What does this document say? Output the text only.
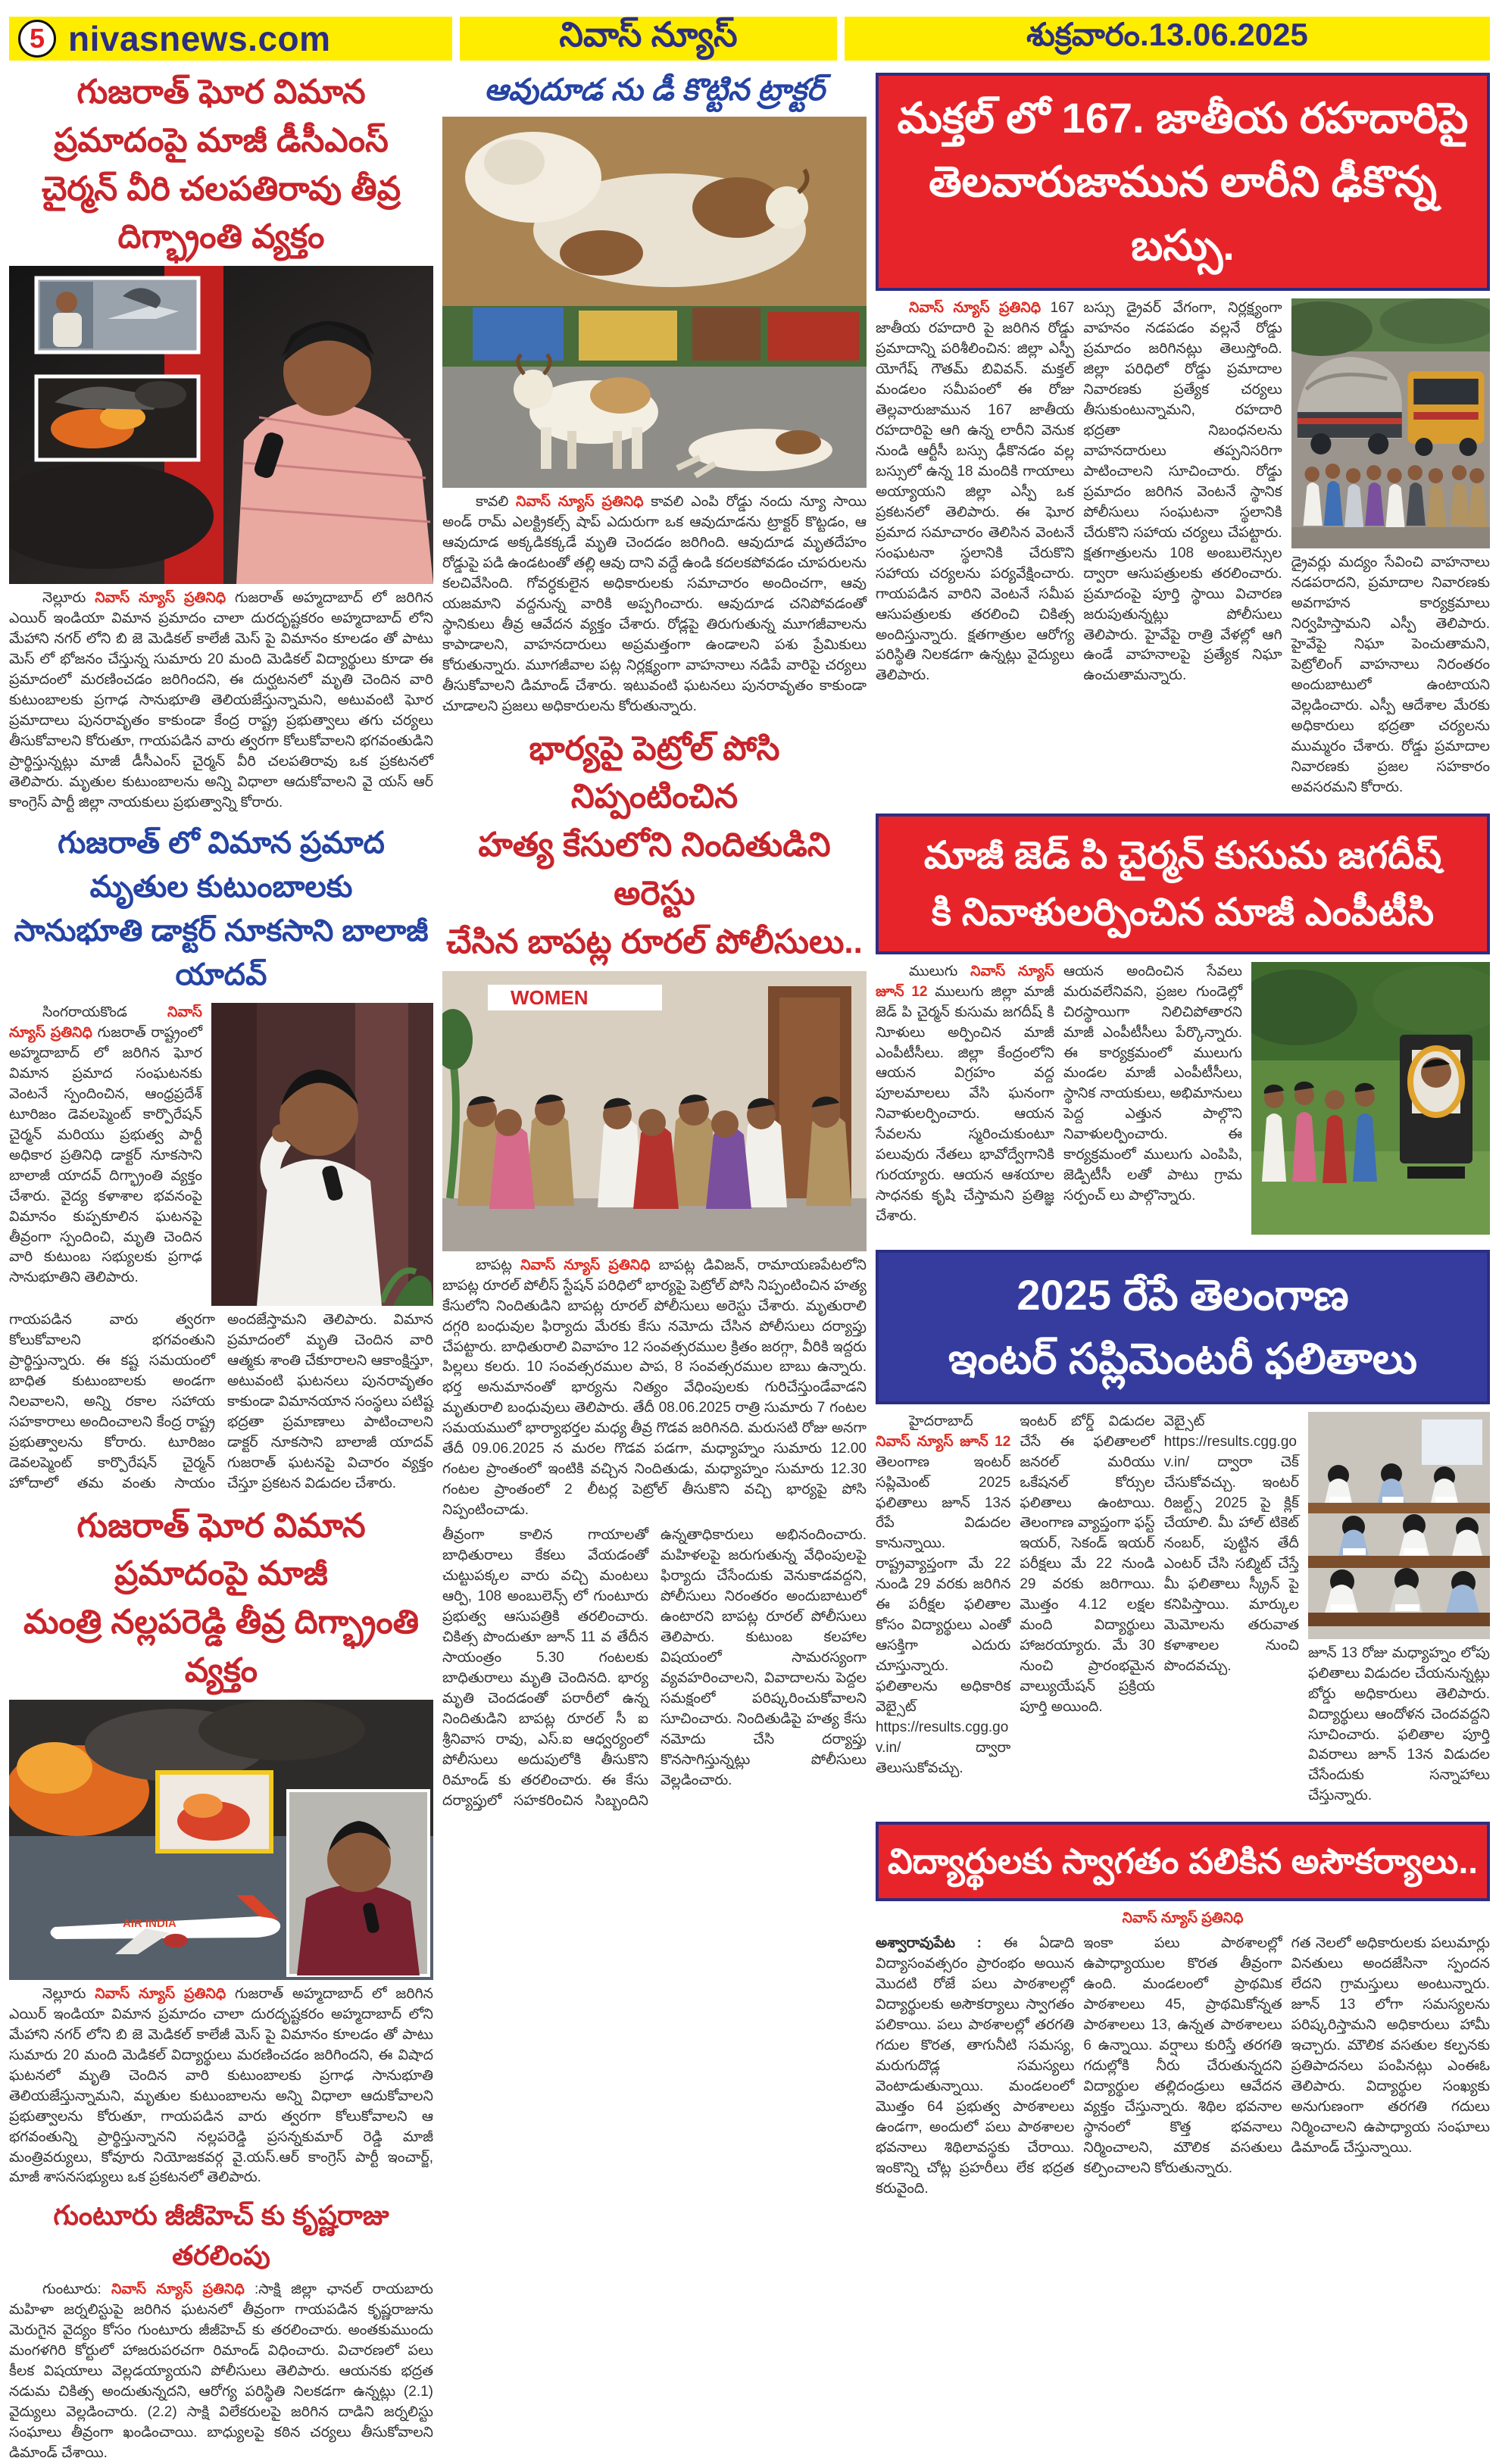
5 nivasnews.com	నివాస్ న్యూస్	శుక్రవారం.13.06.2025
గుజరాత్ ఘోర విమాన ప్రమాదంపై మాజీ డీసీఎంస్
చైర్మన్ వీరి చలపతిరావు తీవ్ర దిగ్భ్రాంతి వ్యక్తం

నెల్లూరు నివాస్ న్యూస్ ప్రతినిధి గుజరాత్ అహ్మదాబాద్ లో జరిగిన ఎయిర్ ఇండియా విమాన ప్రమాదం చాలా దురదృష్టకరం అహ్మదాబాద్ లోని మేహాని నగర్ లోని బి జె మెడికల్ కాలేజీ మెస్ పై విమానం కూలడం తో పాటు మెస్ లో భోజనం చేస్తున్న సుమారు 20 మంది మెడికల్ విద్యార్థులు కూడా ఈ ప్రమాదంలో మరణించడం జరిగిందని, ఈ దుర్ఘటనలో మృతి చెందిన వారి కుటుంబాలకు ప్రగాఢ సానుభూతి తెలియజేస్తున్నామని, అటువంటి ఘోర ప్రమాదాలు పునరావృతం కాకుండా కేంద్ర రాష్ట్ర ప్రభుత్వాలు తగు చర్యలు తీసుకోవాలని కోరుతూ, గాయపడిన వారు త్వరగా కోలుకోవాలని భగవంతుడిని ప్రార్థిస్తున్నట్లు మాజీ డీసీఎంస్ చైర్మన్ వీరి చలపతిరావు ఒక ప్రకటనలో తెలిపారు. మృతుల కుటుంబాలను అన్ని విధాలా ఆదుకోవాలని వై యస్ ఆర్ కాంగ్రెస్ పార్టీ జిల్లా నాయకులు ప్రభుత్వాన్ని కోరారు.

గుజరాత్ లో విమాన ప్రమాద మృతుల కుటుంబాలకు
సానుభూతి డాక్టర్ నూకసాని బాలాజీ యాదవ్

సింగరాయకొండ	నివాస్ న్యూస్ ప్రతినిధి గుజరాత్ రాష్ట్రంలో అహ్మదాబాద్ లో జరిగిన ఘోర విమాన ప్రమాద సంఘటనకు వెంటనే స్పందించిన, ఆంధ్రప్రదేశ్ టూరిజం డెవలప్మెంట్ కార్పొరేషన్ చైర్మన్ మరియు ప్రభుత్వ పార్టీ అధికార ప్రతినిధి డాక్టర్ నూకసాని బాలాజీ యాదవ్ దిగ్భ్రాంతి వ్యక్తం చేశారు. వైద్య కళాశాల భవనంపై విమానం కుప్పకూలిన ఘటనపై తీవ్రంగా స్పందించి, మృతి చెందిన వారి కుటుంబ సభ్యులకు ప్రగాఢ సానుభూతిని తెలిపారు.

గాయపడిన వారు త్వరగా కోలుకోవాలని భగవంతుని ప్రార్థిస్తున్నారు. ఈ కష్ట సమయంలో బాధిత కుటుంబాలకు అండగా నిలవాలని, అన్ని రకాల సహాయ సహకారాలు అందించాలని కేంద్ర రాష్ట్ర ప్రభుత్వాలను కోరారు. టూరిజం డెవలప్మెంట్ కార్పొరేషన్ చైర్మన్ హోదాలో తమ వంతు సాయం అందజేస్తామని తెలిపారు. విమాన ప్రమాదంలో మృతి చెందిన వారి ఆత్మకు శాంతి చేకూరాలని ఆకాంక్షిస్తూ, అటువంటి ఘటనలు పునరావృతం కాకుండా విమానయాన సంస్థలు పటిష్ట భద్రతా ప్రమాణాలు పాటించాలని డాక్టర్ నూకసాని బాలాజీ యాదవ్ గుజరాత్ ఘటనపై విచారం వ్యక్తం చేస్తూ ప్రకటన విడుదల చేశారు.

గుజరాత్ ఘోర విమాన ప్రమాదంపై మాజీ
మంత్రి నల్లపరెడ్డి తీవ్ర దిగ్భ్రాంతి వ్యక్తం
AIR INDIA

నెల్లూరు నివాస్ న్యూస్ ప్రతినిధి గుజరాత్ అహ్మదాబాద్ లో జరిగిన ఎయిర్ ఇండియా విమాన ప్రమాదం చాలా దురదృష్టకరం అహ్మదాబాద్ లోని మేహాని నగర్ లోని బి జె మెడికల్ కాలేజీ మెస్ పై విమానం కూలడం తో పాటు సుమారు 20 మంది మెడికల్ విద్యార్థులు మరణించడం జరిగిందని, ఈ విషాద ఘటనలో మృతి చెందిన వారి కుటుంబాలకు ప్రగాఢ సానుభూతి తెలియజేస్తున్నామని, మృతుల కుటుంబాలను అన్ని విధాలా ఆదుకోవాలని ప్రభుత్వాలను కోరుతూ, గాయపడిన వారు త్వరగా కోలుకోవాలని ఆ భగవంతున్ని ప్రార్థిస్తున్నానని నల్లపరెడ్డి ప్రసన్నకుమార్ రెడ్డి మాజీ మంత్రివర్యులు, కోవూరు నియోజకవర్గ వై.యస్.ఆర్ కాంగ్రెస్ పార్టీ ఇంచార్జ్, మాజీ శాసనసభ్యులు ఒక ప్రకటనలో తెలిపారు.

గుంటూరు జీజీహెచ్ కు కృష్ణరాజు తరలింపు

గుంటూరు: నివాస్ న్యూస్ ప్రతినిధి :సాక్షి జిల్లా ఛానల్ రాయబారు మహిళా జర్నలిస్టుపై జరిగిన ఘటనలో తీవ్రంగా గాయపడిన కృష్ణరాజును మెరుగైన వైద్యం కోసం గుంటూరు జీజీహెచ్ కు తరలించారు. అంతకుముందు మంగళగిరి కోర్టులో హాజరుపరచగా రిమాండ్ విధించారు. విచారణలో పలు కీలక విషయాలు వెల్లడయ్యాయని పోలీసులు తెలిపారు. ఆయనకు భద్రత నడుమ చికిత్స అందుతున్నదని, ఆరోగ్య పరిస్థితి నిలకడగా ఉన్నట్లు (2.1) వైద్యులు వెల్లడించారు. (2.2) సాక్షి విలేకరులపై జరిగిన దాడిని జర్నలిస్టు సంఘాలు తీవ్రంగా ఖండించాయి. బాధ్యులపై కఠిన చర్యలు తీసుకోవాలని డిమాండ్ చేశాయి.

ఆవుదూడ ను డీ కొట్టిన ట్రాక్టర్

కావలి నివాస్ న్యూస్ ప్రతినిధి కావలి ఎంపి రోడ్డు నందు న్యూ సాయి అండ్ రామ్ ఎలక్ట్రికల్స్ షాప్ ఎదురుగా ఒక ఆవుదూడను ట్రాక్టర్ కొట్టడం, ఆ ఆవుదూడ అక్కడికక్కడే మృతి చెందడం జరిగింది. ఆవుదూడ మృతదేహం రోడ్డుపై పడి ఉండటంతో తల్లి ఆవు దాని వద్దే ఉండి కదలకపోవడం చూపరులను కలచివేసింది. గోవర్ధకులైన అధికారులకు సమాచారం అందించగా, ఆవు యజమాని వద్దనున్న వారికి అప్పగించారు. ఆవుదూడ చనిపోవడంతో స్థానికులు తీవ్ర ఆవేదన వ్యక్తం చేశారు. రోడ్లపై తిరుగుతున్న మూగజీవాలను కాపాడాలని, వాహనదారులు అప్రమత్తంగా ఉండాలని పశు ప్రేమికులు కోరుతున్నారు. మూగజీవాల పట్ల నిర్లక్ష్యంగా వాహనాలు నడిపే వారిపై చర్యలు తీసుకోవాలని డిమాండ్ చేశారు. ఇటువంటి ఘటనలు పునరావృతం కాకుండా చూడాలని ప్రజలు అధికారులను కోరుతున్నారు.

భార్యపై పెట్రోల్ పోసి నిప్పంటించిన
హత్య కేసులోని నిందితుడిని అరెస్టు
చేసిన బాపట్ల రూరల్ పోలీసులు..
WOMEN

బాపట్ల నివాస్ న్యూస్ ప్రతినిధి బాపట్ల డివిజన్, రామాయణపేటలోని బాపట్ల రూరల్ పోలీస్ స్టేషన్ పరిధిలో భార్యపై పెట్రోల్ పోసి నిప్పంటించిన హత్య కేసులోని నిందితుడిని బాపట్ల రూరల్ పోలీసులు అరెస్టు చేశారు. మృతురాలి దగ్గరి బంధువుల ఫిర్యాదు మేరకు కేసు నమోదు చేసిన పోలీసులు దర్యాప్తు చేపట్టారు. బాధితురాలి వివాహం 12 సంవత్సరముల క్రితం జరగ్గా, వీరికి ఇద్దరు పిల్లలు కలరు. 10 సంవత్సరముల పాప, 8 సంవత్సరముల బాబు ఉన్నారు. భర్త అనుమానంతో భార్యను నిత్యం వేధింపులకు గురిచేస్తుండేవాడని మృతురాలి బంధువులు తెలిపారు. తేదీ 08.06.2025 రాత్రి సుమారు 7 గంటల సమయములో భార్యాభర్తల మధ్య తీవ్ర గొడవ జరిగినది. మరుసటి రోజు అనగా తేదీ 09.06.2025 న మరల గొడవ పడగా, మధ్యాహ్నం సుమారు 12.00 గంటల ప్రాంతంలో ఇంటికి వచ్చిన నిందితుడు, మధ్యాహ్నం సుమారు 12.30 గంటల ప్రాంతంలో 2 లీటర్ల పెట్రోల్ తీసుకొని వచ్చి భార్యపై పోసి నిప్పంటించాడు.

తీవ్రంగా కాలిన గాయాలతో బాధితురాలు కేకలు వేయడంతో చుట్టుపక్కల వారు వచ్చి మంటలు ఆర్పి, 108 అంబులెన్స్ లో గుంటూరు ప్రభుత్వ ఆసుపత్రికి తరలించారు. చికిత్స పొందుతూ జూన్ 11 వ తేదీన సాయంత్రం 5.30 గంటలకు బాధితురాలు మృతి చెందినది. భార్య మృతి చెందడంతో పరారీలో ఉన్న నిందితుడిని బాపట్ల రూరల్ సీ ఐ శ్రీనివాస రావు, ఎస్.ఐ ఆధ్వర్యంలో పోలీసులు అదుపులోకి తీసుకొని రిమాండ్ కు తరలించారు. ఈ కేసు దర్యాప్తులో సహకరించిన సిబ్బందిని ఉన్నతాధికారులు అభినందించారు. మహిళలపై జరుగుతున్న వేధింపులపై ఫిర్యాదు చేసేందుకు వెనుకాడవద్దని, పోలీసులు నిరంతరం అందుబాటులో ఉంటారని బాపట్ల రూరల్ పోలీసులు తెలిపారు. కుటుంబ కలహాల విషయంలో సామరస్యంగా వ్యవహరించాలని, వివాదాలను పెద్దల సమక్షంలో పరిష్కరించుకోవాలని సూచించారు. నిందితుడిపై హత్య కేసు నమోదు చేసి దర్యాప్తు కొనసాగిస్తున్నట్లు పోలీసులు వెల్లడించారు.

మక్తల్ లో 167. జాతీయ రహదారిపై
తెలవారుజామున లారీని ఢీకొన్న బస్సు.

నివాస్ న్యూస్ ప్రతినిధి 167 జాతీయ రహదారి పై జరిగిన రోడ్డు ప్రమాదాన్ని పరిశీలించిన: జిల్లా ఎస్పీ యోగేష్ గౌతమ్ బివివన్. మక్తల్ మండలం సమీపంలో ఈ రోజు తెల్లవారుజామున 167 జాతీయ రహదారిపై ఆగి ఉన్న లారీని వెనుక నుండి ఆర్టీసీ బస్సు ఢీకొనడం వల్ల బస్సులో ఉన్న 18 మందికి గాయాలు అయ్యాయని జిల్లా ఎస్పీ ఒక ప్రకటనలో తెలిపారు. ఈ ఘోర ప్రమాద సమాచారం తెలిసిన వెంటనే సంఘటనా స్థలానికి చేరుకొని సహాయ చర్యలను పర్యవేక్షించారు. గాయపడిన వారిని వెంటనే సమీప ఆసుపత్రులకు తరలించి చికిత్స అందిస్తున్నారు. క్షతగాత్రుల ఆరోగ్య పరిస్థితి నిలకడగా ఉన్నట్లు వైద్యులు తెలిపారు.

బస్సు డ్రైవర్ వేగంగా, నిర్లక్ష్యంగా వాహనం నడపడం వల్లనే రోడ్డు ప్రమాదం జరిగినట్లు తెలుస్తోంది. జిల్లా పరిధిలో రోడ్డు ప్రమాదాల నివారణకు ప్రత్యేక చర్యలు తీసుకుంటున్నామని, రహదారి భద్రతా నిబంధనలను వాహనదారులు తప్పనిసరిగా పాటించాలని సూచించారు. రోడ్డు ప్రమాదం జరిగిన వెంటనే స్థానిక పోలీసులు సంఘటనా స్థలానికి చేరుకొని సహాయ చర్యలు చేపట్టారు. క్షతగాత్రులను 108 అంబులెన్సుల ద్వారా ఆసుపత్రులకు తరలించారు. ప్రమాదంపై పూర్తి స్థాయి విచారణ జరుపుతున్నట్లు పోలీసులు తెలిపారు. హైవేపై రాత్రి వేళల్లో ఆగి ఉండే వాహనాలపై ప్రత్యేక నిఘా ఉంచుతామన్నారు.

డ్రైవర్లు మద్యం సేవించి వాహనాలు నడపరాదని, ప్రమాదాల నివారణకు అవగాహన కార్యక్రమాలు నిర్వహిస్తామని ఎస్పీ తెలిపారు. హైవేపై నిఘా పెంచుతామని, పెట్రోలింగ్ వాహనాలు నిరంతరం అందుబాటులో ఉంటాయని వెల్లడించారు. ఎస్పీ ఆదేశాల మేరకు అధికారులు భద్రతా చర్యలను ముమ్మరం చేశారు. రోడ్డు ప్రమాదాల నివారణకు ప్రజల సహకారం అవసరమని కోరారు.

మాజీ జెడ్ పి చైర్మన్ కుసుమ జగదీష్
కి నివాళులర్పించిన మాజీ ఎంపీటీసి

ములుగు నివాస్ న్యూస్ జూన్ 12 ములుగు జిల్లా మాజీ జెడ్ పి చైర్మన్ కుసుమ జగదీష్ కి నిూళులు అర్పించిన మాజీ ఎంపీటీసీలు. జిల్లా కేంద్రంలోని ఆయన విగ్రహం వద్ద పూలమాలలు వేసి ఘనంగా నివాళులర్పించారు. ఆయన సేవలను స్మరించుకుంటూ పలువురు నేతలు భావోద్వేగానికి గురయ్యారు. ఆయన ఆశయాల సాధనకు కృషి చేస్తామని ప్రతిజ్ఞ చేశారు.

ఆయన అందించిన సేవలు మరువలేనివని, ప్రజల గుండెల్లో చిరస్థాయిగా నిలిచిపోతారని మాజీ ఎంపీటీసీలు పేర్కొన్నారు. ఈ కార్యక్రమంలో ములుగు మండల మాజీ ఎంపీటీసీలు, స్థానిక నాయకులు, అభిమానులు పెద్ద ఎత్తున పాల్గొని నివాళులర్పించారు. ఈ కార్యక్రమంలో ములుగు ఎంపిపి, జెడ్పిటీసీ లతో పాటు గ్రామ సర్పంచ్ లు పాల్గొన్నారు.

2025 రేపే తెలంగాణ
ఇంటర్ సప్లిమెంటరీ ఫలితాలు

హైదరాబాద్ నివాస్ న్యూస్ జూన్ 12 తెలంగాణ ఇంటర్ సప్లిమెంట్ 2025 ఫలితాలు జూన్ 13న రేపే విడుదల కానున్నాయి. రాష్ట్రవ్యాప్తంగా మే 22 నుండి 29 వరకు జరిగిన ఈ పరీక్షల ఫలితాల కోసం విద్యార్థులు ఎంతో ఆసక్తిగా ఎదురు చూస్తున్నారు. ఫలితాలను అధికారిక వెబ్సైట్ https://results.cgg.gov.in/ ద్వారా తెలుసుకోవచ్చు.

ఇంటర్ బోర్డ్ విడుదల చేసే ఈ ఫలితాలలో జనరల్ మరియు ఒకేషనల్ కోర్సుల ఫలితాలు ఉంటాయి. తెలంగాణ వ్యాప్తంగా ఫస్ట్ ఇయర్, సెకండ్ ఇయర్ పరీక్షలు మే 22 నుండి 29 వరకు జరిగాయి. మొత్తం 4.12 లక్షల మంది విద్యార్థులు హాజరయ్యారు. మే 30 నుంచి ప్రారంభమైన వాల్యుయేషన్ ప్రక్రియ పూర్తి అయింది.

వెబ్సైట్ https://results.cgg.gov.in/ ద్వారా చెక్ చేసుకోవచ్చు. ఇంటర్ రిజల్ట్స్ 2025 పై క్లిక్ చేయాలి. మీ హాల్ టికెట్ నంబర్, పుట్టిన తేదీ ఎంటర్ చేసి సబ్మిట్ చేస్తే మీ ఫలితాలు స్క్రీన్ పై కనిపిస్తాయి. మార్కుల మెమోలను తరువాత కళాశాలల నుంచి పొందవచ్చు.

జూన్ 13 రోజు మధ్యాహ్నం లోపు ఫలితాలు విడుదల చేయనున్నట్లు బోర్డు అధికారులు తెలిపారు. విద్యార్థులు ఆందోళన చెందవద్దని సూచించారు. ఫలితాల పూర్తి వివరాలు జూన్ 13న విడుదల చేసేందుకు సన్నాహాలు చేస్తున్నారు.

విద్యార్థులకు స్వాగతం పలికిన అసౌకర్యాలు..

నివాస్ న్యూస్ ప్రతినిధి

అశ్వారావుపేట : ఈ ఏడాది విద్యాసంవత్సరం ప్రారంభం అయిన మొదటి రోజే పలు పాఠశాలల్లో విద్యార్థులకు అసౌకర్యాలు స్వాగతం పలికాయి. పలు పాఠశాలల్లో తరగతి గదుల కొరత, తాగునీటి సమస్య, మరుగుదొడ్ల సమస్యలు వెంటాడుతున్నాయి. మండలంలో మొత్తం 64 ప్రభుత్వ పాఠశాలలు ఉండగా, అందులో పలు పాఠశాలల భవనాలు శిథిలావస్థకు చేరాయి. ఇంకొన్ని చోట్ల ప్రహరీలు లేక భద్రత కరువైంది.

ఇంకా పలు పాఠశాలల్లో ఉపాధ్యాయుల కొరత తీవ్రంగా ఉంది. మండలంలో ప్రాథమిక పాఠశాలలు 45, ప్రాథమికోన్నత పాఠశాలలు 13, ఉన్నత పాఠశాలలు 6 ఉన్నాయి. వర్షాలు కురిస్తే తరగతి గదుల్లోకి నీరు చేరుతున్నదని విద్యార్థుల తల్లిదండ్రులు ఆవేదన వ్యక్తం చేస్తున్నారు. శిథిల భవనాల స్థానంలో కొత్త భవనాలు నిర్మించాలని, మౌలిక వసతులు కల్పించాలని కోరుతున్నారు.

గత నెలలో అధికారులకు పలుమార్లు వినతులు అందజేసినా స్పందన లేదని గ్రామస్తులు అంటున్నారు. జూన్ 13 లోగా సమస్యలను పరిష్కరిస్తామని అధికారులు హామీ ఇచ్చారు. మౌలిక వసతుల కల్పనకు ప్రతిపాదనలు పంపినట్లు ఎంఈఓ తెలిపారు. విద్యార్థుల సంఖ్యకు అనుగుణంగా తరగతి గదులు నిర్మించాలని ఉపాధ్యాయ సంఘాలు డిమాండ్ చేస్తున్నాయి.
